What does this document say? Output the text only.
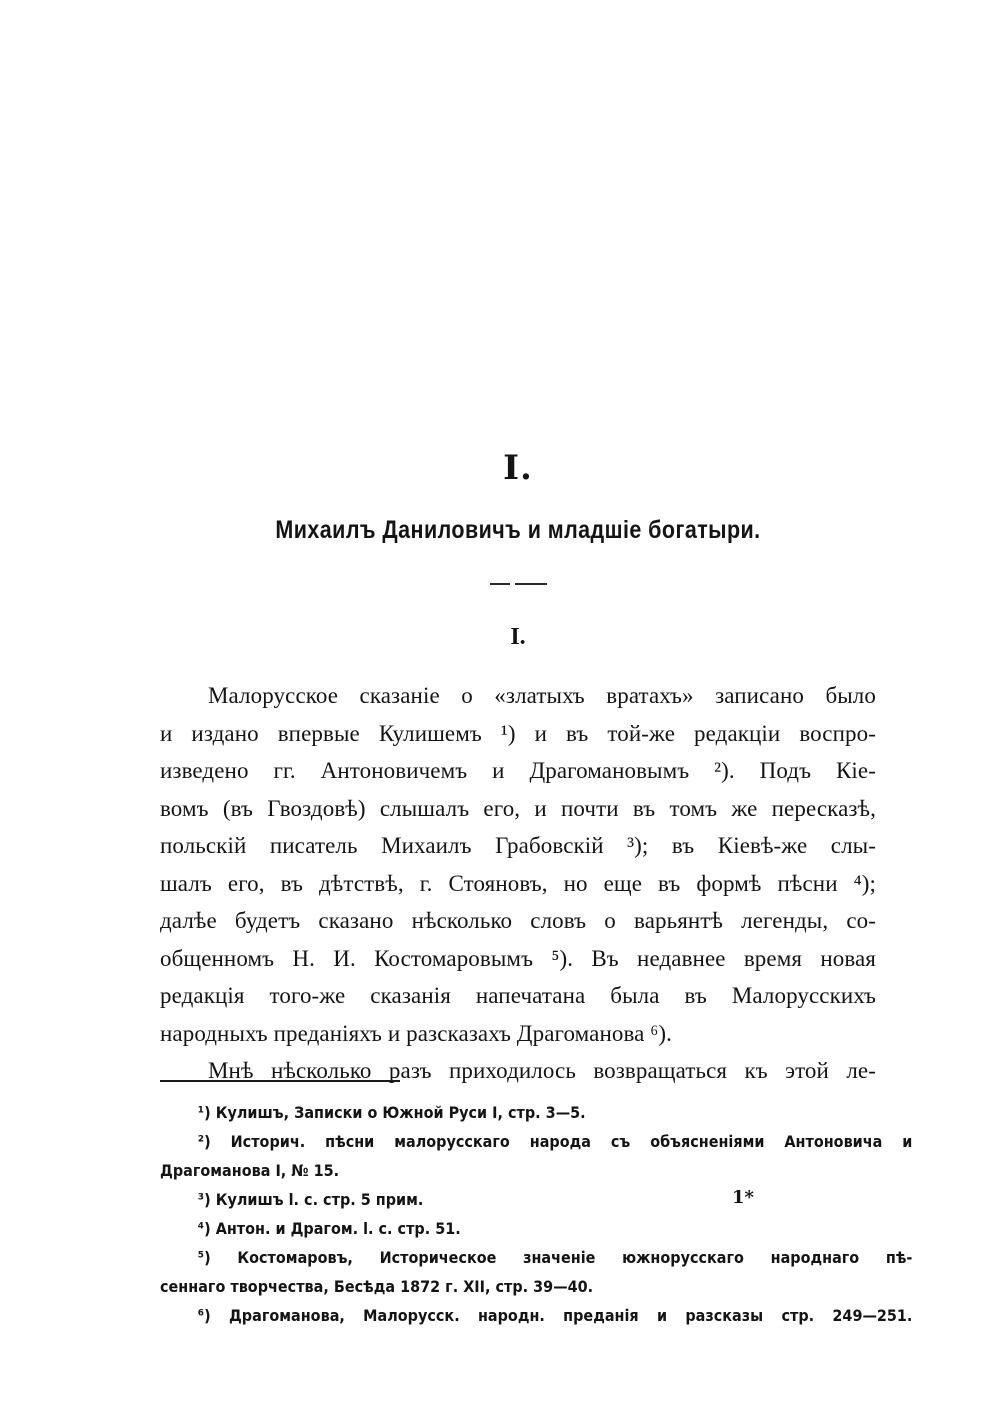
I.
Михаилъ Даниловичъ и младшіе богатыри.
I.
Малорусское сказаніе о «златыхъ вратахъ» записано было
и издано впервые Кулишемъ ¹) и въ той-же редакціи воспро-
изведено гг. Антоновичемъ и Драгомановымъ ²). Подъ Кіе-
вомъ (въ Гвоздовѣ) слышалъ его, и почти въ томъ же пересказѣ,
польскій писатель Михаилъ Грабовскій ³); въ Кіевѣ-же слы-
шалъ его, въ дѣтствѣ, г. Стояновъ, но еще въ формѣ пѣсни ⁴);
далѣе будетъ сказано нѣсколько словъ о варьянтѣ легенды, со-
общенномъ Н. И. Костомаровымъ ⁵). Въ недавнее время новая
редакція того-же сказанія напечатана была въ Малорусскихъ
народныхъ преданіяхъ и разсказахъ Драгоманова ⁶).
Мнѣ нѣсколько разъ приходилось возвращаться къ этой ле-
¹) Кулишъ, Записки о Южной Руси I, стр. 3—5.
²) Историч. пѣсни малорусскаго народа съ объясненіями Антоновича и
Драгоманова I, № 15.
³) Кулишъ l. c. стр. 5 прим.
⁴) Антон. и Драгом. l. c. стр. 51.
⁵) Костомаровъ, Историческое значеніе южнорусскаго народнаго пѣ-
сеннаго творчества, Бесѣда 1872 г. XII, стр. 39—40.
⁶) Драгоманова, Малорусск. народн. преданія и разсказы стр. 249—251.
1*
